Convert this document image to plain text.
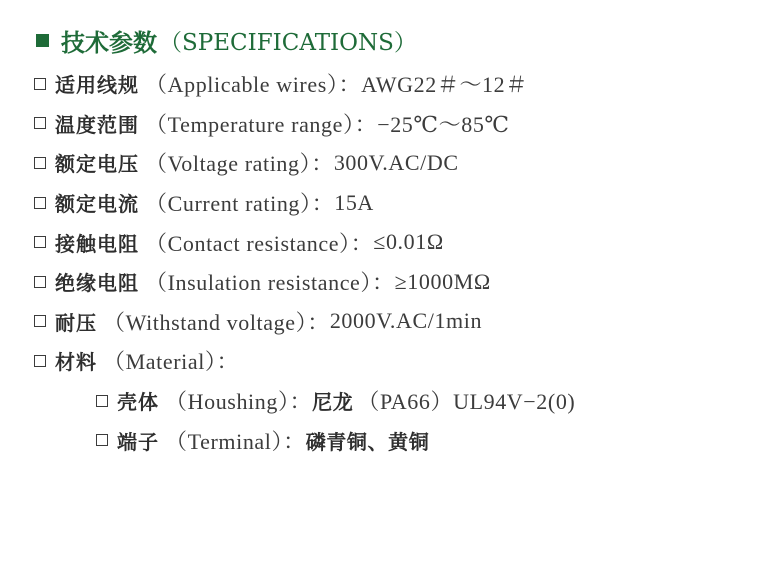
技术参数 （SPECIFICATIONS）
适用线规 （Applicable wires）： AWG22＃～12＃
温度范围 （Temperature range）： −25℃～85℃
额定电压 （Voltage rating）： 300V.AC/DC
额定电流 （Current rating）： 15A
接触电阻 （Contact resistance）： ≤0.01Ω
绝缘电阻 （Insulation resistance）： ≥1000MΩ
耐压 （Withstand voltage）： 2000V.AC/1min
材料 （Material）：
壳体 （Houshing）： 尼龙 （PA66）UL94V−2(0)
端子 （Terminal）： 磷青铜、黄铜
